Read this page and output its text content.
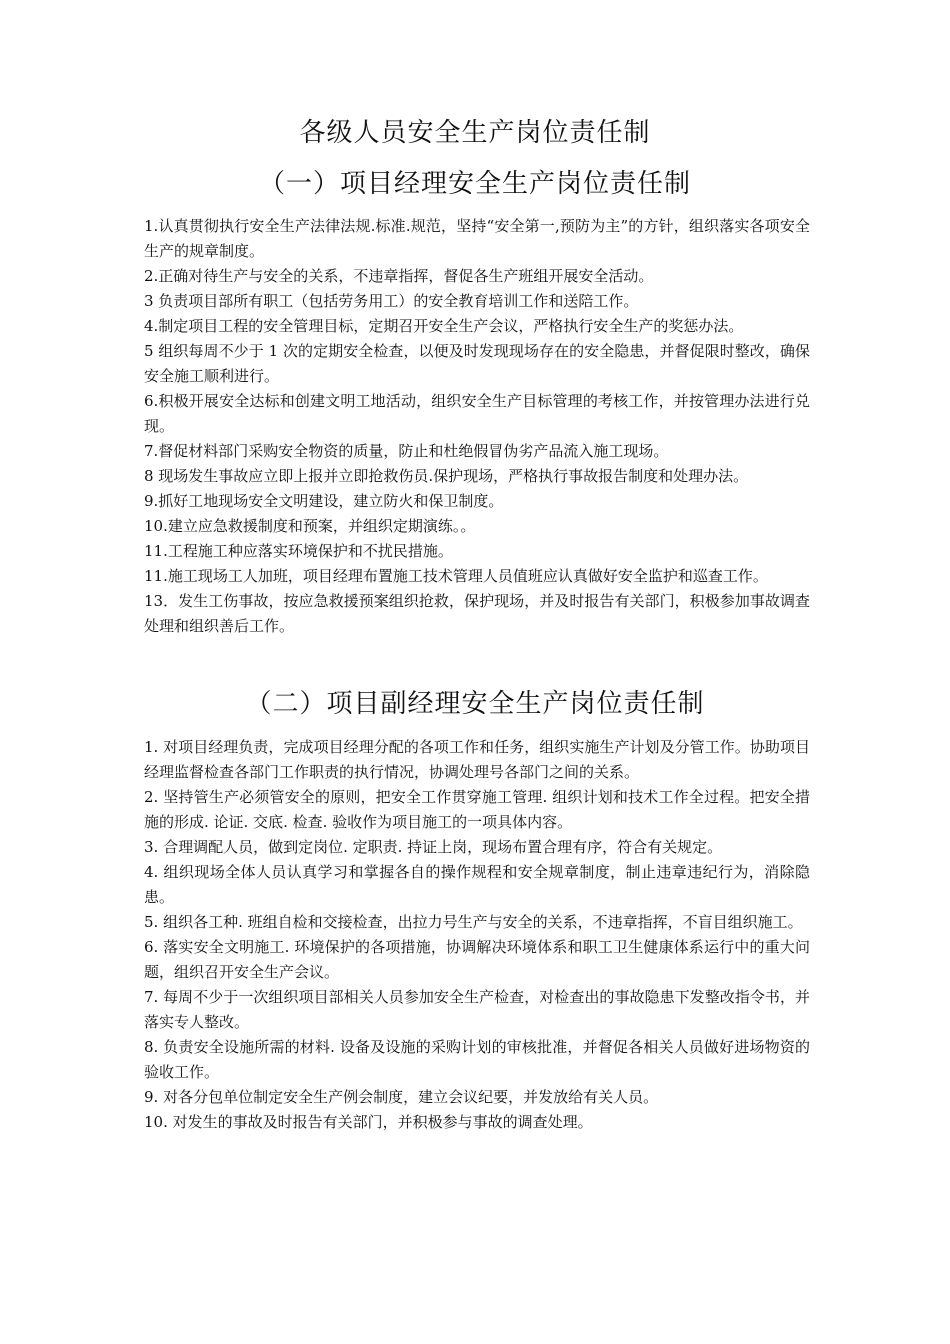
各级人员安全生产岗位责任制
（一）项目经理安全生产岗位责任制

1.认真贯彻执行安全生产法律法规.标准.规范，坚持“安全第一,预防为主”的方针，组织落实各项安全生产的规章制度。

2.正确对待生产与安全的关系，不违章指挥，督促各生产班组开展安全活动。

3 负责项目部所有职工（包括劳务用工）的安全教育培训工作和送陪工作。

4.制定项目工程的安全管理目标，定期召开安全生产会议，严格执行安全生产的奖惩办法。

5 组织每周不少于 1 次的定期安全检查，以便及时发现现场存在的安全隐患，并督促限时整改，确保安全施工顺利进行。

6.积极开展安全达标和创建文明工地活动，组织安全生产目标管理的考核工作，并按管理办法进行兑现。

7.督促材料部门采购安全物资的质量，防止和杜绝假冒伪劣产品流入施工现场。

8 现场发生事故应立即上报并立即抢救伤员.保护现场，严格执行事故报告制度和处理办法。

9.抓好工地现场安全文明建设，建立防火和保卫制度。

10.建立应急救援制度和预案，并组织定期演练。。

11.工程施工种应落实环境保护和不扰民措施。

11.施工现场工人加班，项目经理布置施工技术管理人员值班应认真做好安全监护和巡查工作。

13．发生工伤事故，按应急救援预案组织抢救，保护现场，并及时报告有关部门，积极参加事故调查处理和组织善后工作。

（二）项目副经理安全生产岗位责任制

1. 对项目经理负责，完成项目经理分配的各项工作和任务，组织实施生产计划及分管工作。协助项目经理监督检查各部门工作职责的执行情况，协调处理号各部门之间的关系。

2. 坚持管生产必须管安全的原则，把安全工作贯穿施工管理. 组织计划和技术工作全过程。把安全措施的形成. 论证. 交底. 检查. 验收作为项目施工的一项具体内容。

3. 合理调配人员，做到定岗位. 定职责. 持证上岗，现场布置合理有序，符合有关规定。

4. 组织现场全体人员认真学习和掌握各自的操作规程和安全规章制度，制止违章违纪行为，消除隐患。

5. 组织各工种. 班组自检和交接检查，出拉力号生产与安全的关系，不违章指挥，不盲目组织施工。

6. 落实安全文明施工. 环境保护的各项措施，协调解决环境体系和职工卫生健康体系运行中的重大问题，组织召开安全生产会议。

7. 每周不少于一次组织项目部相关人员参加安全生产检查，对检查出的事故隐患下发整改指令书，并落实专人整改。

8. 负责安全设施所需的材料. 设备及设施的采购计划的审核批准，并督促各相关人员做好进场物资的验收工作。

9. 对各分包单位制定安全生产例会制度，建立会议纪要，并发放给有关人员。

10. 对发生的事故及时报告有关部门，并积极参与事故的调查处理。
